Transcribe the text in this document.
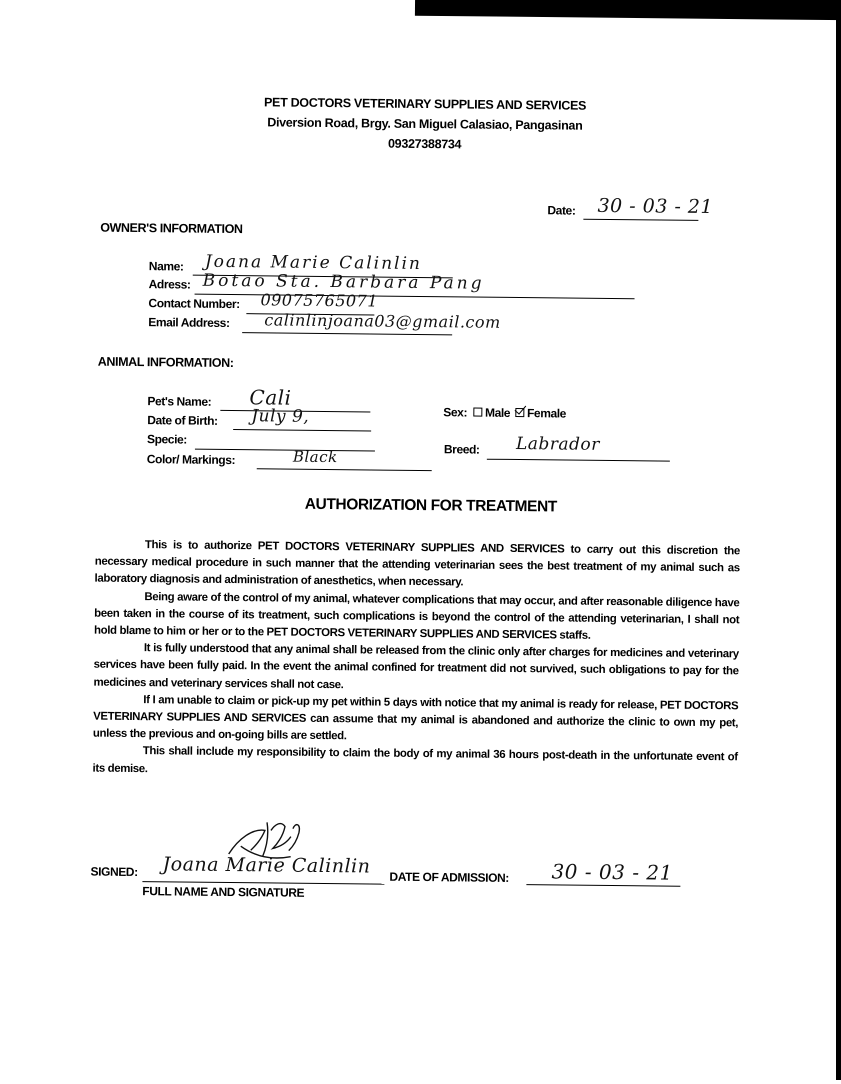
PET DOCTORS VETERINARY SUPPLIES AND SERVICES
Diversion Road, Brgy. San Miguel Calasiao, Pangasinan
09327388734
Date: 30 - 03 - 21
OWNER'S INFORMATION
Name: Joana Marie Calinlin
Adress: Botao Sta. Barbara Pang
Contact Number: 09075765071
Email Address: calinlinjoana03@gmail.com
ANIMAL INFORMATION:
Pet's Name: Cali
Date of Birth: July 9,
Specie:
Color/ Markings:	Black
Sex: Male Female
Breed: Labrador
AUTHORIZATION FOR TREATMENT

This is to authorize PET DOCTORS VETERINARY SUPPLIES AND SERVICES to carry out this discretion the necessary medical procedure in such manner that the attending veterinarian sees the best treatment of my animal such as laboratory diagnosis and administration of anesthetics, when necessary.

Being aware of the control of my animal, whatever complications that may occur, and after reasonable diligence have been taken in the course of its treatment, such complications is beyond the control of the attending veterinarian, I shall not hold blame to him or her or to the PET DOCTORS VETERINARY SUPPLIES AND SERVICES staffs.

It is fully understood that any animal shall be released from the clinic only after charges for medicines and veterinary services have been fully paid. In the event the animal confined for treatment did not survived, such obligations to pay for the medicines and veterinary services shall not case.

If I am unable to claim or pick-up my pet within 5 days with notice that my animal is ready for release, PET DOCTORS VETERINARY SUPPLIES AND SERVICES can assume that my animal is abandoned and authorize the clinic to own my pet, unless the previous and on-going bills are settled.

This shall include my responsibility to claim the body of my animal 36 hours post-death in the unfortunate event of its demise.

SIGNED: Joana Marie Calinlin
FULL NAME AND SIGNATURE
DATE OF ADMISSION: 30 - 03 - 21
